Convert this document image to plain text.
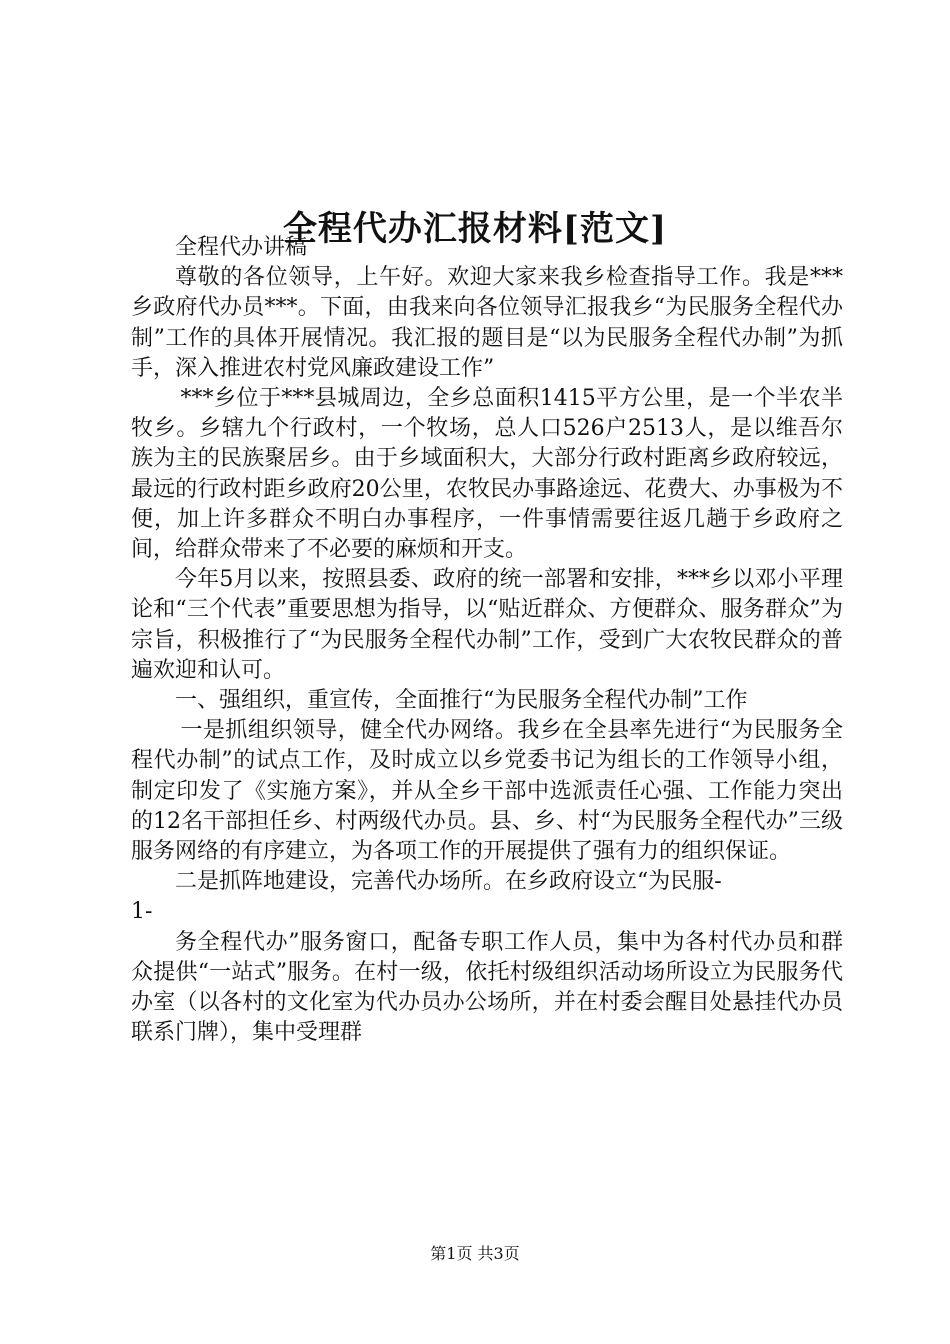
全程代办汇报材料[范文]

全程代办讲稿

尊敬的各位领导，上午好。欢迎大家来我乡检查指导工作。我是***乡政府代办员***。下面，由我来向各位领导汇报我乡“为民服务全程代办制”工作的具体开展情况。我汇报的题目是“以为民服务全程代办制”为抓手，深入推进农村党风廉政建设工作”

***乡位于***县城周边，全乡总面积1415平方公里，是一个半农半牧乡。乡辖九个行政村，一个牧场，总人口526户2513人，是以维吾尔族为主的民族聚居乡。由于乡域面积大，大部分行政村距离乡政府较远，最远的行政村距乡政府20公里，农牧民办事路途远、花费大、办事极为不便，加上许多群众不明白办事程序，一件事情需要往返几趟于乡政府之间，给群众带来了不必要的麻烦和开支。

今年5月以来，按照县委、政府的统一部署和安排，***乡以邓小平理论和“三个代表”重要思想为指导，以“贴近群众、方便群众、服务群众”为宗旨，积极推行了“为民服务全程代办制”工作，受到广大农牧民群众的普遍欢迎和认可。

一、强组织，重宣传，全面推行“为民服务全程代办制”工作

一是抓组织领导，健全代办网络。我乡在全县率先进行“为民服务全程代办制”的试点工作，及时成立以乡党委书记为组长的工作领导小组，制定印发了《实施方案》，并从全乡干部中选派责任心强、工作能力突出的12名干部担任乡、村两级代办员。县、乡、村“为民服务全程代办”三级服务网络的有序建立，为各项工作的开展提供了强有力的组织保证。

二是抓阵地建设，完善代办场所。在乡政府设立“为民服-

1-

务全程代办”服务窗口，配备专职工作人员，集中为各村代办员和群众提供“一站式”服务。在村一级，依托村级组织活动场所设立为民服务代办室（以各村的文化室为代办员办公场所，并在村委会醒目处悬挂代办员联系门牌），集中受理群

第1页 共3页
